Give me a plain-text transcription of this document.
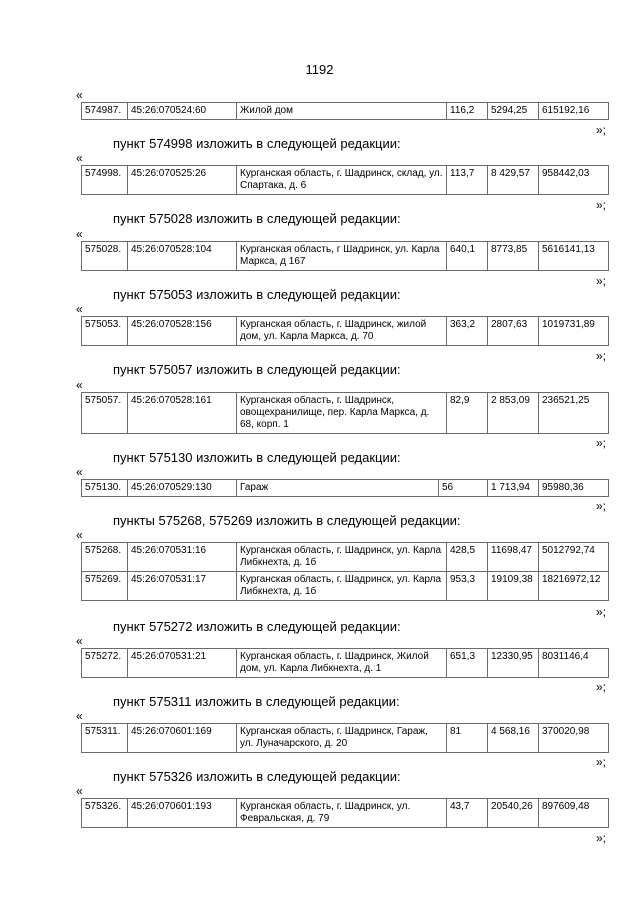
1192
«
574987.	45:26:070524:60	Жилой дом	116,2	5294,25	615192,16
»;
пункт 574998 изложить в следующей редакции:
«
574998.	45:26:070525:26	Курганская область, г. Шадринск, склад, ул. Спартака, д. 6	113,7	8 429,57	958442,03
»;
пункт 575028 изложить в следующей редакции:
«
575028.	45:26:070528:104	Курганская область, г Шадринск, ул. Карла Маркса, д 167	640,1	8773,85	5616141,13
»;
пункт 575053 изложить в следующей редакции:
«
575053.	45:26:070528:156	Курганская область, г. Шадринск, жилой дом, ул. Карла Маркса, д. 70	363,2	2807,63	1019731,89
»;
пункт 575057 изложить в следующей редакции:
«
575057.	45:26:070528:161	Курганская область, г. Шадринск, овощехранилище, пер. Карла Маркса, д. 68, корп. 1	82,9	2 853,09	236521,25
»;
пункт 575130 изложить в следующей редакции:
«
575130.	45:26:070529:130	Гараж	56	1 713,94	95980,36
»;
пункты 575268, 575269 изложить в следующей редакции:
«
575268.	45:26:070531:16	Курганская область, г. Шадринск, ул. Карла Либкнехта, д. 1б	428,5	11698,47	5012792,74
575269.	45:26:070531:17	Курганская область, г. Шадринск, ул. Карла Либкнехта, д. 1б	953,3	19109,38	18216972,12
»;
пункт 575272 изложить в следующей редакции:
«
575272.	45:26:070531:21	Курганская область, г. Шадринск, Жилой дом, ул. Карла Либкнехта, д. 1	651,3	12330,95	8031146,4
»;
пункт 575311 изложить в следующей редакции:
«
575311.	45:26:070601:169	Курганская область, г. Шадринск, Гараж, ул. Луначарского, д. 20	81	4 568,16	370020,98
»;
пункт 575326 изложить в следующей редакции:
«
575326.	45:26:070601:193	Курганская область, г. Шадринск, ул. Февральская, д. 79	43,7	20540,26	897609,48
»;
